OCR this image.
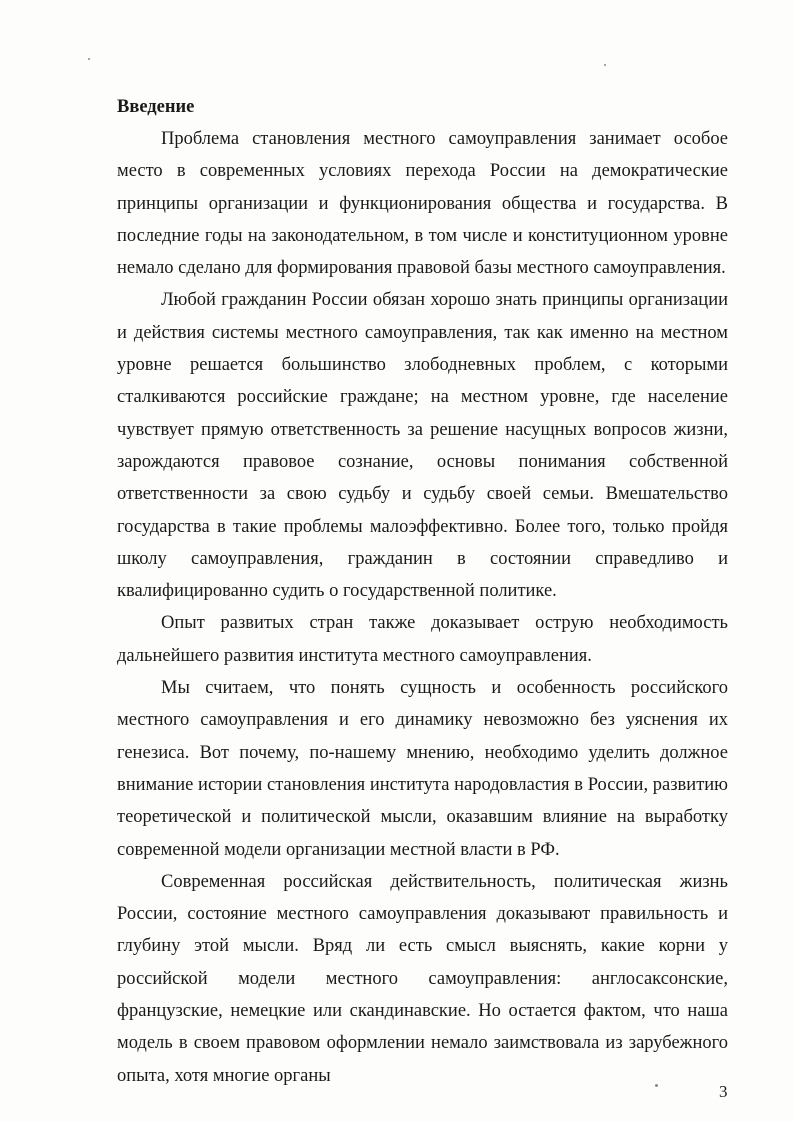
Введение

Проблема становления местного самоуправления занимает особое место в современных условиях перехода России на демократические принципы организации и функционирования общества и государства. В последние годы на законодательном, в том числе и конституционном уровне немало сделано для формирования правовой базы местного самоуправления.

Любой гражданин России обязан хорошо знать принципы организации и действия системы местного самоуправления, так как именно на местном уровне решается большинство злободневных проблем, с которыми сталкиваются российские граждане; на местном уровне, где население чувствует прямую ответственность за решение насущных вопросов жизни, зарождаются правовое сознание, основы понимания собственной ответственности за свою судьбу и судьбу своей семьи. Вмешательство государства в такие проблемы малоэффективно. Более того, только пройдя школу самоуправления, гражданин в состоянии справедливо и квалифицированно судить о государственной политике.

Опыт развитых стран также доказывает острую необходимость дальнейшего развития института местного самоуправления.

Мы считаем, что понять сущность и особенность российского местного самоуправления и его динамику невозможно без уяснения их генезиса. Вот почему, по-нашему мнению, необходимо уделить должное внимание истории становления института народовластия в России, развитию теоретической и политической мысли, оказавшим влияние на выработку современной модели организации местной власти в РФ.

Современная российская действительность, политическая жизнь России, состояние местного самоуправления доказывают правильность и глубину этой мысли. Вряд ли есть смысл выяснять, какие корни у российской модели местного самоуправления: англосаксонские, французские, немецкие или скандинавские. Но остается фактом, что наша модель в своем правовом оформлении немало заимствовала из зарубежного опыта, хотя многие органы

3
